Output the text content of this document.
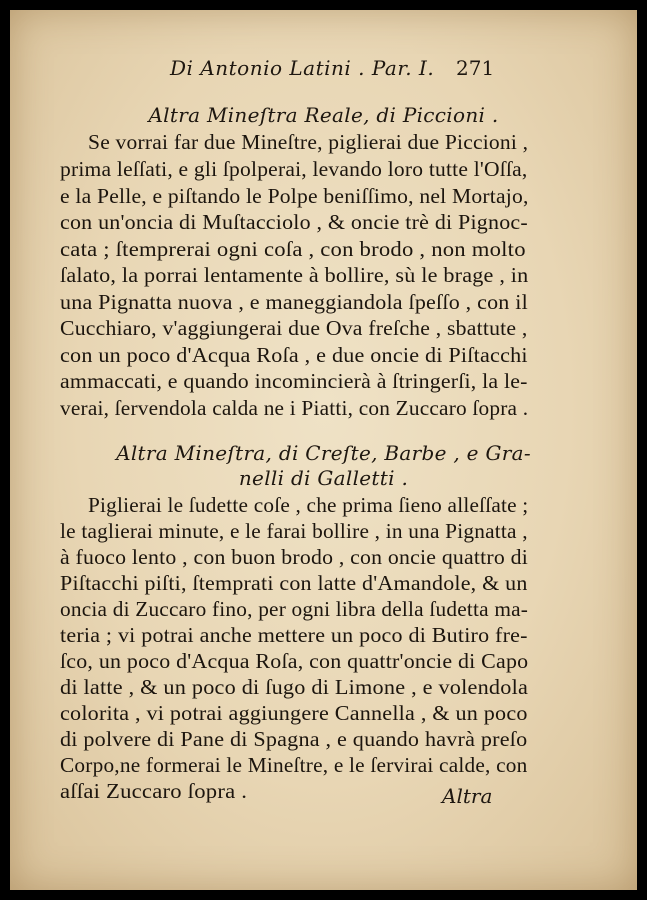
Di Antonio Latini . Par. I. 271
Altra Mineſtra Reale, di Piccioni .
Se vorrai far due Mineſtre, piglierai due Piccioni ,
prima leſſati, e gli ſpolperai, levando loro tutte l'Oſſa,
e la Pelle, e piſtando le Polpe beniſſimo, nel Mortajo,
con un'oncia di Muſtacciolo , & oncie trè di Pignoc-
cata ; ſtemprerai ogni coſa , con brodo , non molto
ſalato, la porrai lentamente à bollire, sù le brage , in
una Pignatta nuova , e maneggiandola ſpeſſo , con il
Cucchiaro, v'aggiungerai due Ova freſche , sbattute ,
con un poco d'Acqua Roſa , e due oncie di Piſtacchi
ammaccati, e quando incomincierà à ſtringerſi, la le-
verai, ſervendola calda ne i Piatti, con Zuccaro ſopra .
Altra Mineſtra, di Creſte, Barbe , e Gra-
nelli di Galletti .
Piglierai le ſudette coſe , che prima ſieno alleſſate ;
le taglierai minute, e le farai bollire , in una Pignatta ,
à fuoco lento , con buon brodo , con oncie quattro di
Piſtacchi piſti, ſtemprati con latte d'Amandole, & un
oncia di Zuccaro fino, per ogni libra della ſudetta ma-
teria ; vi potrai anche mettere un poco di Butiro fre-
ſco, un poco d'Acqua Roſa, con quattr'oncie di Capo
di latte , & un poco di ſugo di Limone , e volendola
colorita , vi potrai aggiungere Cannella , & un poco
di polvere di Pane di Spagna , e quando havrà preſo
Corpo,ne formerai le Mineſtre, e le ſervirai calde, con
aſſai Zuccaro ſopra .	Altra
